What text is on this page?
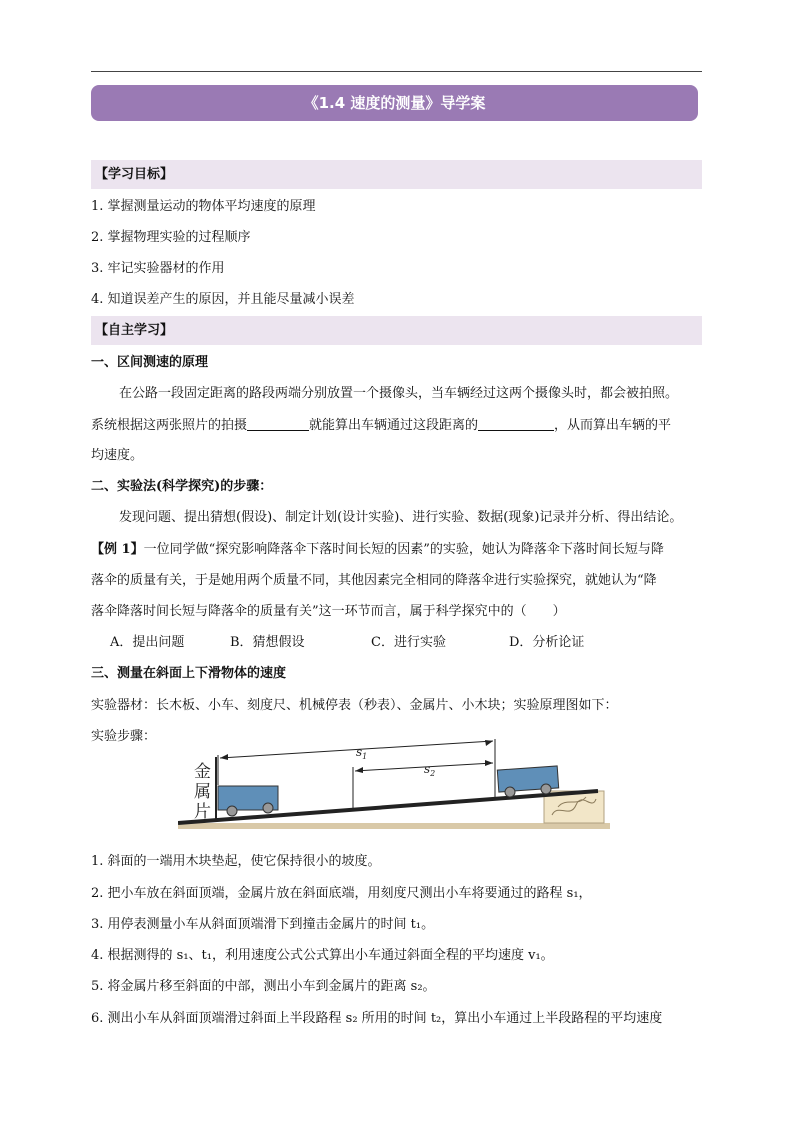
《1.4 速度的测量》导学案
【学习目标】
1. 掌握测量运动的物体平均速度的原理
2. 掌握物理实验的过程顺序
3. 牢记实验器材的作用
4. 知道误差产生的原因，并且能尽量减小误差
【自主学习】
一、区间测速的原理
在公路一段固定距离的路段两端分别放置一个摄像头，当车辆经过这两个摄像头时，都会被拍照。
系统根据这两张照片的拍摄	就能算出车辆通过这段距离的	，从而算出车辆的平
均速度。
二、实验法(科学探究)的步骤：
发现问题、提出猜想(假设)、制定计划(设计实验)、进行实验、数据(现象)记录并分析、得出结论。
【例 1】一位同学做“探究影响降落伞下落时间长短的因素”的实验，她认为降落伞下落时间长短与降
落伞的质量有关，于是她用两个质量不同，其他因素完全相同的降落伞进行实验探究，就她认为“降
落伞降落时间长短与降落伞的质量有关”这一环节而言，属于科学探究中的（　　）
A．提出问题	B．猜想假设	C．进行实验	D．分析论证
三、测量在斜面上下滑物体的速度
实验器材：长木板、小车、刻度尺、机械停表（秒表）、金属片、小木块；实验原理图如下：
实验步骤：
金
属
片
$s_1$
$s_2$
1. 斜面的一端用木块垫起，使它保持很小的坡度。
2. 把小车放在斜面顶端，金属片放在斜面底端，用刻度尺测出小车将要通过的路程 s₁，
3. 用停表测量小车从斜面顶端滑下到撞击金属片的时间 t₁。
4. 根据测得的 s₁、t₁，利用速度公式公式算出小车通过斜面全程的平均速度 v₁。
5. 将金属片移至斜面的中部，测出小车到金属片的距离 s₂。
6. 测出小车从斜面顶端滑过斜面上半段路程 s₂ 所用的时间 t₂，算出小车通过上半段路程的平均速度
